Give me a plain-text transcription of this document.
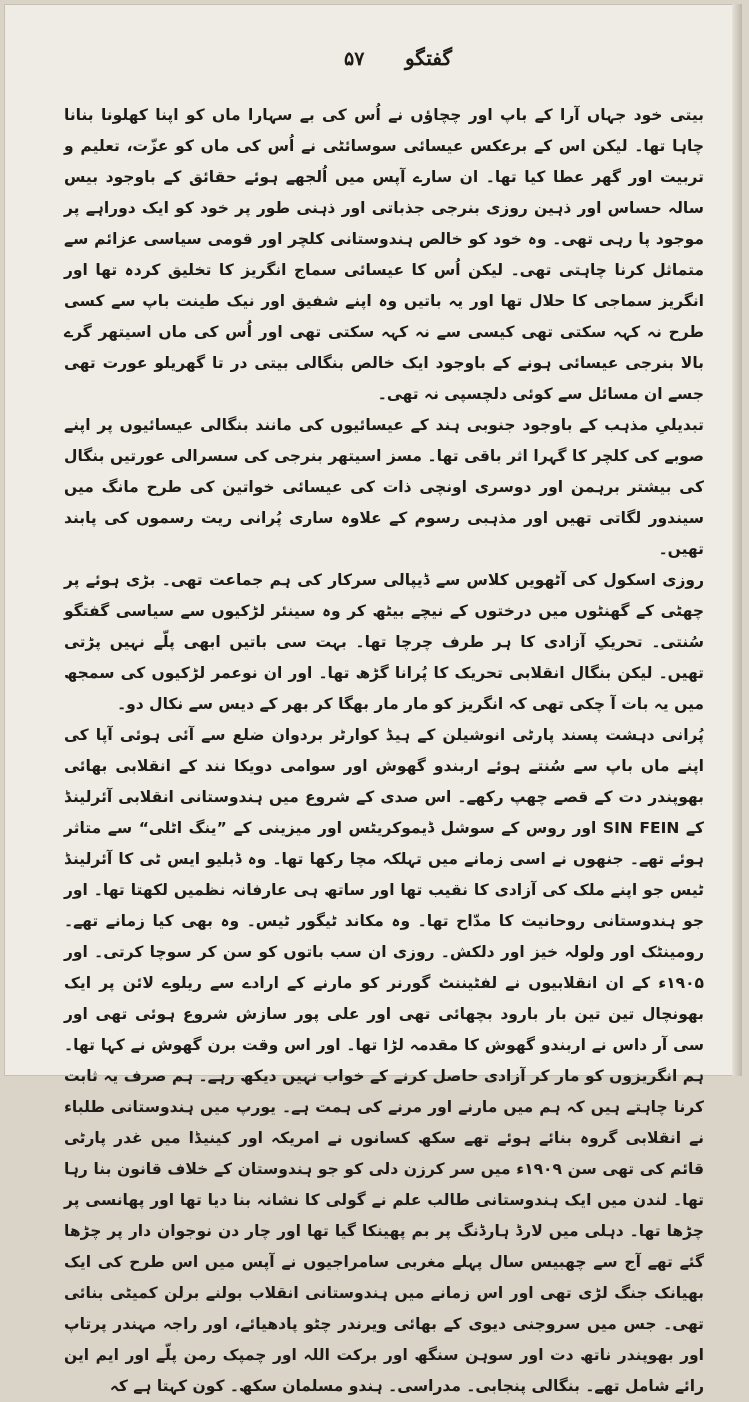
گفتگو
۵۷

بیتی خود جہاں آرا کے باپ اور چچاؤں نے اُس کی بے سہارا ماں کو اپنا کھلونا بنانا چاہا تھا۔ لیکن اس کے برعکس عیسائی سوسائٹی نے اُس کی ماں کو عزّت، تعلیم و تربیت اور گھر عطا کیا تھا۔ ان سارے آپس میں اُلجھے ہوئے حقائق کے باوجود بیس سالہ حساس اور ذہین روزی بنرجی جذباتی اور ذہنی طور پر خود کو ایک دوراہے پر موجود پا رہی تھی۔ وہ خود کو خالص ہندوستانی کلچر اور قومی سیاسی عزائم سے متماثل کرنا چاہتی تھی۔ لیکن اُس کا عیسائی سماج انگریز کا تخلیق کردہ تھا اور انگریز سماجی کا حلال تھا اور یہ باتیں وہ اپنے شفیق اور نیک طینت باپ سے کسی طرح نہ کہہ سکتی تھی کیسی سے نہ کہہ سکتی تھی اور اُس کی ماں اسیتھر گرے بالا بنرجی عیسائی ہونے کے باوجود ایک خالص بنگالی بیتی در تا گھریلو عورت تھی جسے ان مسائل سے کوئی دلچسپی نہ تھی۔

تبدیلیِ مذہب کے باوجود جنوبی ہند کے عیسائیوں کی مانند بنگالی عیسائیوں پر اپنے صوبے کی کلچر کا گہرا اثر باقی تھا۔ مسز اسیتھر بنرجی کی سسرالی عورتیں بنگال کی بیشتر برہمن اور دوسری اونچی ذات کی عیسائی خواتین کی طرح مانگ میں سیندور لگاتی تھیں اور مذہبی رسوم کے علاوہ ساری پُرانی ریت رسموں کی پابند تھیں۔

روزی اسکول کی آٹھویں کلاس سے ڈیپالی سرکار کی ہم جماعت تھی۔ بڑی ہوئے پر چھٹی کے گھنٹوں میں درختوں کے نیچے بیٹھ کر وہ سینئر لڑکیوں سے سیاسی گفتگو سُنتی۔ تحریکِ آزادی کا ہر طرف چرچا تھا۔ بہت سی باتیں ابھی پلّے نہیں پڑتی تھیں۔ لیکن بنگال انقلابی تحریک کا پُرانا گڑھ تھا۔ اور ان نوعمر لڑکیوں کی سمجھ میں یہ بات آ چکی تھی کہ انگریز کو مار مار بھگا کر بھر کے دیس سے نکال دو۔

پُرانی دہشت پسند پارٹی انوشیلن کے ہیڈ کوارٹر بردوان ضلع سے آئی ہوئی آپا کی اپنے ماں باپ سے سُنتے ہوئے اربندو گھوش اور سوامی دویکا نند کے انقلابی بھائی بھوپندر دت کے قصے چھپ رکھے۔ اس صدی کے شروع میں ہندوستانی انقلابی آئرلینڈ کے SIN FEIN اور روس کے سوشل ڈیموکریٹس اور میزینی کے ”ینگ اٹلی“ سے متاثر ہوئے تھے۔ جنھوں نے اسی زمانے میں تہلکہ مچا رکھا تھا۔ وہ ڈبلیو ایس ٹی کا آئرلینڈ ٹیس جو اپنے ملک کی آزادی کا نقیب تھا اور ساتھ ہی عارفانہ نظمیں لکھتا تھا۔ اور جو ہندوستانی روحانیت کا مدّاح تھا۔ وہ مکاند ٹیگور ٹیس۔ وہ بھی کیا زمانے تھے۔ رومینٹک اور ولولہ خیز اور دلکش۔ روزی ان سب باتوں کو سن کر سوچا کرتی۔ اور ۱۹۰۵ء کے ان انقلابیوں نے لفٹیننٹ گورنر کو مارنے کے ارادے سے ریلوے لائن پر ایک بھونچال تین تین بار بارود بچھائی تھی اور علی پور سازش شروع ہوئی تھی اور سی آر داس نے اربندو گھوش کا مقدمہ لڑا تھا۔ اور اس وقت برن گھوش نے کہا تھا۔ ہم انگریزوں کو مار کر آزادی حاصل کرنے کے خواب نہیں دیکھ رہے۔ ہم صرف یہ ثابت کرنا چاہتے ہیں کہ ہم میں مارنے اور مرنے کی ہمت ہے۔ یورپ میں ہندوستانی طلباء نے انقلابی گروہ بنائے ہوئے تھے سکھ کسانوں نے امریکہ اور کینیڈا میں غدر پارٹی قائم کی تھی سن ۱۹۰۹ء میں سر کرزن دلی کو جو ہندوستان کے خلاف قانون بنا رہا تھا۔ لندن میں ایک ہندوستانی طالب علم نے گولی کا نشانہ بنا دیا تھا اور پھانسی پر چڑھا تھا۔ دہلی میں لارڈ ہارڈنگ پر بم پھینکا گیا تھا اور چار دن نوجوان دار پر چڑھا گئے تھے آج سے چھبیس سال پہلے مغربی سامراجیوں نے آپس میں اس طرح کی ایک بھیانک جنگ لڑی تھی اور اس زمانے میں ہندوستانی انقلاب بولنے برلن کمیٹی بنائی تھی۔ جس میں سروجنی دیوی کے بھائی ویرندر چٹو پادھیائے، اور راجہ مہندر پرتاپ اور بھوپندر ناتھ دت اور سوہن سنگھ اور برکت اللہ اور چمپک رمن پلّے اور ایم این رائے شامل تھے۔ بنگالی پنجابی۔ مدراسی۔ ہندو مسلمان سکھ۔ کون کہتا ہے کہ
